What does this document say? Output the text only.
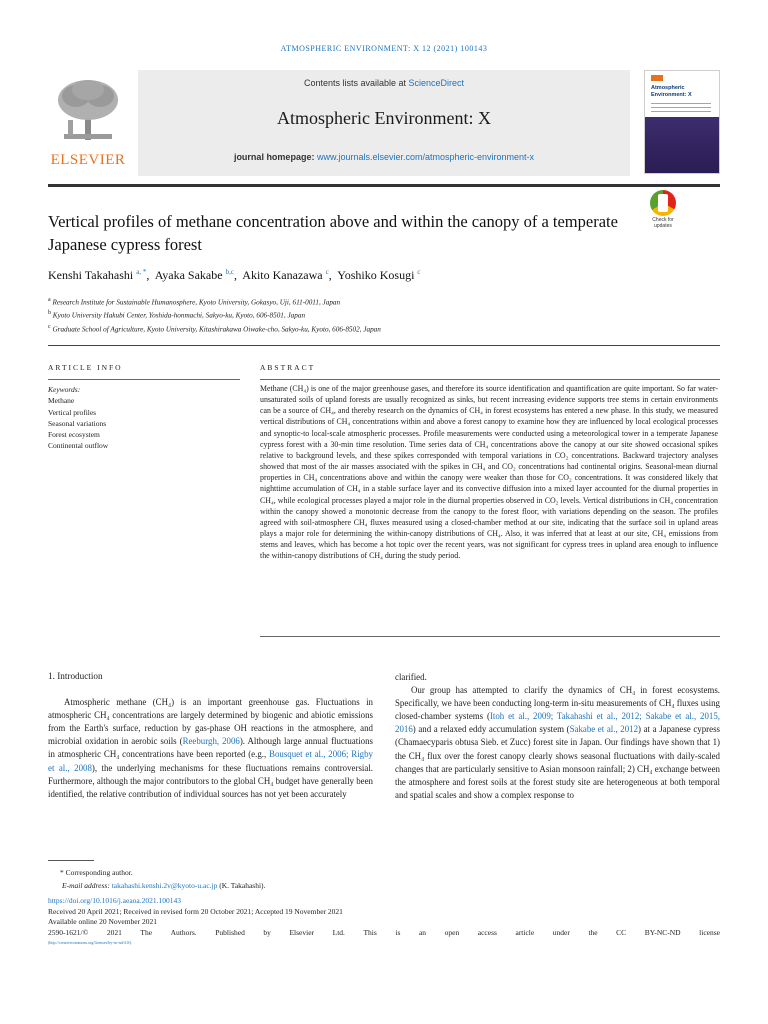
ATMOSPHERIC ENVIRONMENT: X 12 (2021) 100143
ELSEVIER
Contents lists available at ScienceDirect
Atmospheric Environment: X
journal homepage: www.journals.elsevier.com/atmospheric-environment-x
Atmospheric Environment: X
Vertical profiles of methane concentration above and within the canopy of a temperate Japanese cypress forest
Check for
updates
Kenshi Takahashi $^{a, *}$,  Ayaka Sakabe $^{b,c}$,  Akito Kanazawa $^c$,  Yoshiko Kosugi $^c$
$^a$ Research Institute for Sustainable Humanosphere, Kyoto University, Gokasyo, Uji, 611-0011, Japan
$^b$ Kyoto University Hakubi Center, Yoshida-honmachi, Sakyo-ku, Kyoto, 606-8501, Japan
$^c$ Graduate School of Agriculture, Kyoto University, Kitashirakawa Oiwake-cho, Sakyo-ku, Kyoto, 606-8502, Japan
ARTICLE INFO	ABSTRACT
Keywords:
Methane
Vertical profiles
Seasonal variations
Forest ecosystem
Continental outflow
Methane (CH₄) is one of the major greenhouse gases, and therefore its source identification and quantification are quite important. So far water-unsaturated soils of upland forests are usually recognized as sinks, but recent increasing evidence supports tree stems in certain environments can be a source of CH₄, and thereby research on the dynamics of CH₄ in forest ecosystems has entered a new phase. In this study, we measured vertical distributions of CH₄ concentrations within and above a forest canopy to examine how they are influenced by local ecological processes and synoptic-to local-scale atmospheric processes. Profile measurements were conducted using a meteorological tower in a temperate Japanese cypress forest with a 30-min time resolution. Time series data of CH₄ concentrations above the canopy at our site showed occasional spikes relative to background levels, and these spikes corresponded with temporal variations in CO₂ concentrations. Backward trajectory analyses showed that most of the air masses associated with the spikes in CH₄ and CO₂ concentrations had continental origins. Seasonal-mean diurnal properties in CH₄ concentrations above and within the canopy were weaker than those for CO₂ concentrations. It was considered likely that nighttime accumulation of CH₄ in a stable surface layer and its convective diffusion into a mixed layer accounted for the diurnal properties in CH₄, while ecological processes played a major role in the diurnal properties observed in CO₂ levels. Vertical distributions in CH₄ concentration within the canopy showed a monotonic decrease from the canopy to the forest floor, with variations depending on the season. The profiles agreed with soil-atmosphere CH₄ fluxes measured using a closed-chamber method at our site, indicating that the surface soil in upland areas plays a major role for determining the within-canopy distributions of CH₄. Also, it was inferred that at least at our site, CH₄ emissions from stems and leaves, which has become a hot topic over the recent years, was not significant for cypress trees in upland area enough to influence the within-canopy distributions of CH₄ during the study period.
1. Introduction

Atmospheric methane (CH₄) is an important greenhouse gas. Fluctuations in atmospheric CH₄ concentrations are largely determined by biogenic and abiotic emissions from the Earth's surface, reduction by gas-phase OH reactions in the atmosphere, and microbial oxidation in aerobic soils (Reeburgh, 2006). Although large annual fluctuations in atmospheric CH₄ concentrations have been reported (e.g., Bousquet et al., 2006; Rigby et al., 2008), the underlying mechanisms for these fluctuations remains controversial. Furthermore, although the major contributors to the global CH₄ budget have generally been identified, the relative contribution of individual sources has not yet been accurately

clarified.

Our group has attempted to clarify the dynamics of CH₄ in forest ecosystems. Specifically, we have been conducting long-term in-situ measurements of CH₄ fluxes using closed-chamber systems (Itoh et al., 2009; Takahashi et al., 2012; Sakabe et al., 2015, 2016) and a relaxed eddy accumulation system (Sakabe et al., 2012) at a Japanese cypress (Chamaecyparis obtusa Sieb. et Zucc) forest site in Japan. Our findings have shown that 1) the CH₄ flux over the forest canopy clearly shows seasonal fluctuations with daily-scaled changes that are particularly sensitive to Asian monsoon rainfall; 2) CH₄ exchange between the atmosphere and forest soils at the forest study site are heterogeneous at both temporal and spatial scales and show a complex response to

* Corresponding author.
E-mail address: takahashi.kenshi.2v@kyoto-u.ac.jp (K. Takahashi).
https://doi.org/10.1016/j.aeaoa.2021.100143
Received 20 April 2021; Received in revised form 20 October 2021; Accepted 19 November 2021
Available online 20 November 2021
2590-1621/© 2021 The Authors. Published by Elsevier Ltd. This is an open access article under the CC BY-NC-ND license
(http://creativecommons.org/licenses/by-nc-nd/4.0/).
